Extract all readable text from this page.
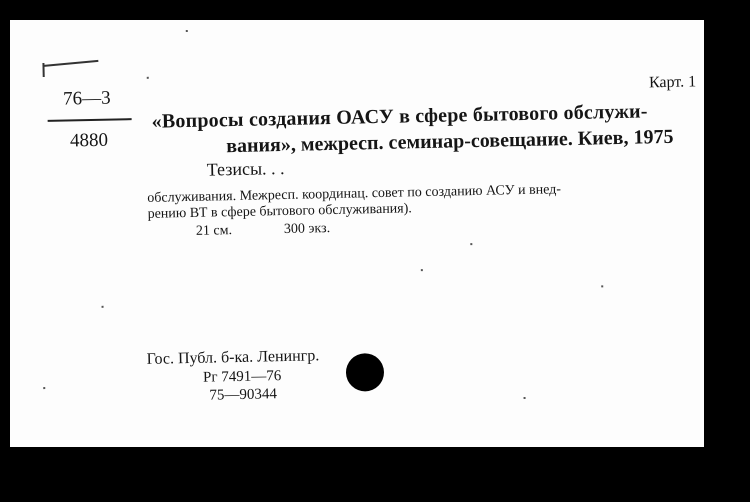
76—3
4880
Карт. 1
«Вопросы создания ОАСУ в сфере бытового обслужи-
вания», межресп. семинар-совещание. Киев, 1975
Тезисы. . .
обслуживания. Межресп. координац. совет по созданию АСУ и внед-
рению ВТ в сфере бытового обслуживания).
21 см.	300 экз.
Гос. Публ. б-ка. Ленингр.
Рг 7491—76
75—90344
